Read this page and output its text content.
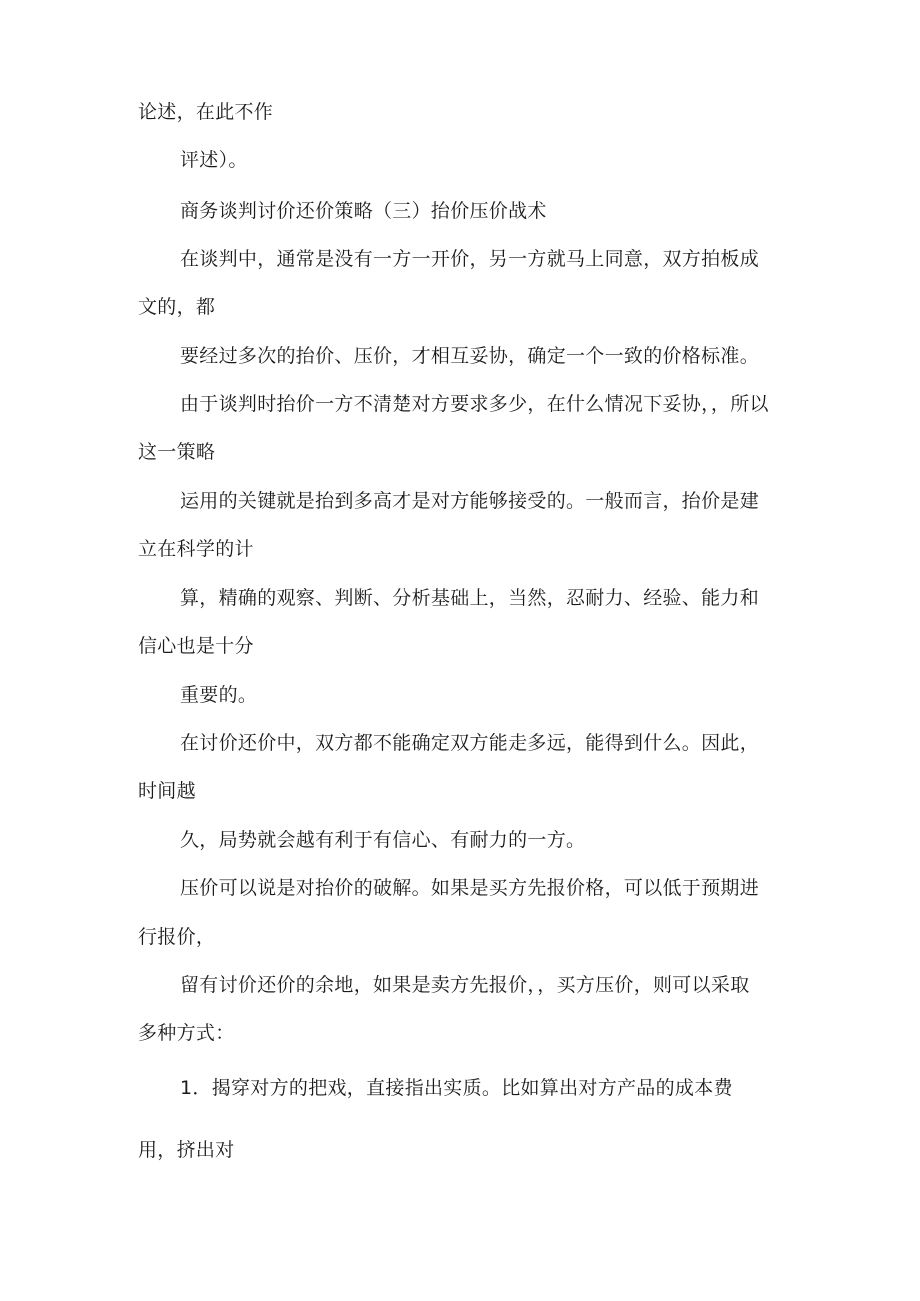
论述，在此不作
评述）。
商务谈判讨价还价策略（三）抬价压价战术
在谈判中，通常是没有一方一开价，另一方就马上同意，双方拍板成
文的，都
要经过多次的抬价、压价，才相互妥协，确定一个一致的价格标准。
由于谈判时抬价一方不清楚对方要求多少，在什么情况下妥协，，所以
这一策略
运用的关键就是抬到多高才是对方能够接受的。一般而言，抬价是建
立在科学的计
算，精确的观察、判断、分析基础上，当然，忍耐力、经验、能力和
信心也是十分
重要的。
在讨价还价中，双方都不能确定双方能走多远，能得到什么。因此，
时间越
久，局势就会越有利于有信心、有耐力的一方。
压价可以说是对抬价的破解。如果是买方先报价格，可以低于预期进
行报价，
留有讨价还价的余地，如果是卖方先报价，，买方压价，则可以采取
多种方式：
1．揭穿对方的把戏，直接指出实质。比如算出对方产品的成本费
用，挤出对
